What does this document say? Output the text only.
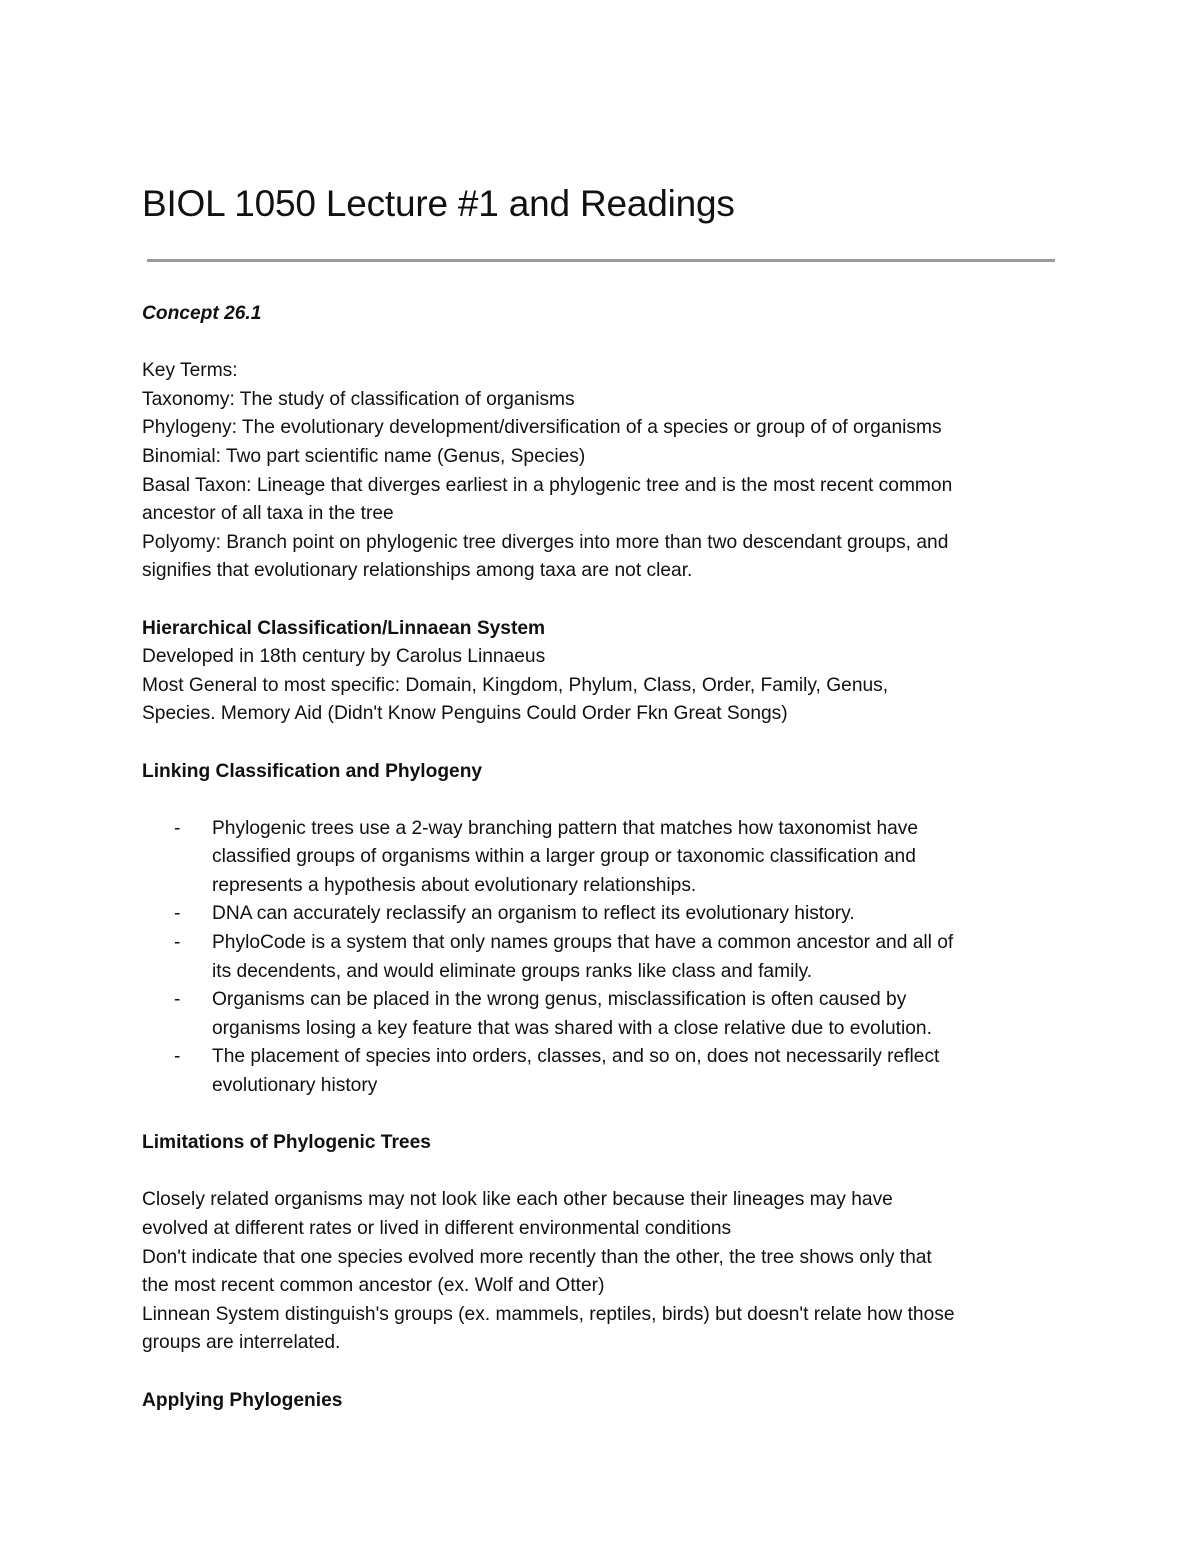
BIOL 1050 Lecture #1 and Readings

Concept 26.1

Key Terms:

Taxonomy: The study of classification of organisms

Phylogeny: The evolutionary development/diversification of a species or group of of organisms

Binomial: Two part scientific name (Genus, Species)

Basal Taxon: Lineage that diverges earliest in a phylogenic tree and is the most recent common

ancestor of all taxa in the tree

Polyomy: Branch point on phylogenic tree diverges into more than two descendant groups, and

signifies that evolutionary relationships among taxa are not clear.

Hierarchical Classification/Linnaean System

Developed in 18th century by Carolus Linnaeus

Most General to most specific: Domain, Kingdom, Phylum, Class, Order, Family, Genus,

Species. Memory Aid (Didn't Know Penguins Could Order Fkn Great Songs)

Linking Classification and Phylogeny

- Phylogenic trees use a 2-way branching pattern that matches how taxonomist have
classified groups of organisms within a larger group or taxonomic classification and
represents a hypothesis about evolutionary relationships.
- DNA can accurately reclassify an organism to reflect its evolutionary history.
- PhyloCode is a system that only names groups that have a common ancestor and all of
its decendents, and would eliminate groups ranks like class and family.
- Organisms can be placed in the wrong genus, misclassification is often caused by
organisms losing a key feature that was shared with a close relative due to evolution.
- The placement of species into orders, classes, and so on, does not necessarily reflect
evolutionary history

Limitations of Phylogenic Trees

Closely related organisms may not look like each other because their lineages may have

evolved at different rates or lived in different environmental conditions

Don't indicate that one species evolved more recently than the other, the tree shows only that

the most recent common ancestor (ex. Wolf and Otter)

Linnean System distinguish's groups (ex. mammels, reptiles, birds) but doesn't relate how those

groups are interrelated.

Applying Phylogenies
